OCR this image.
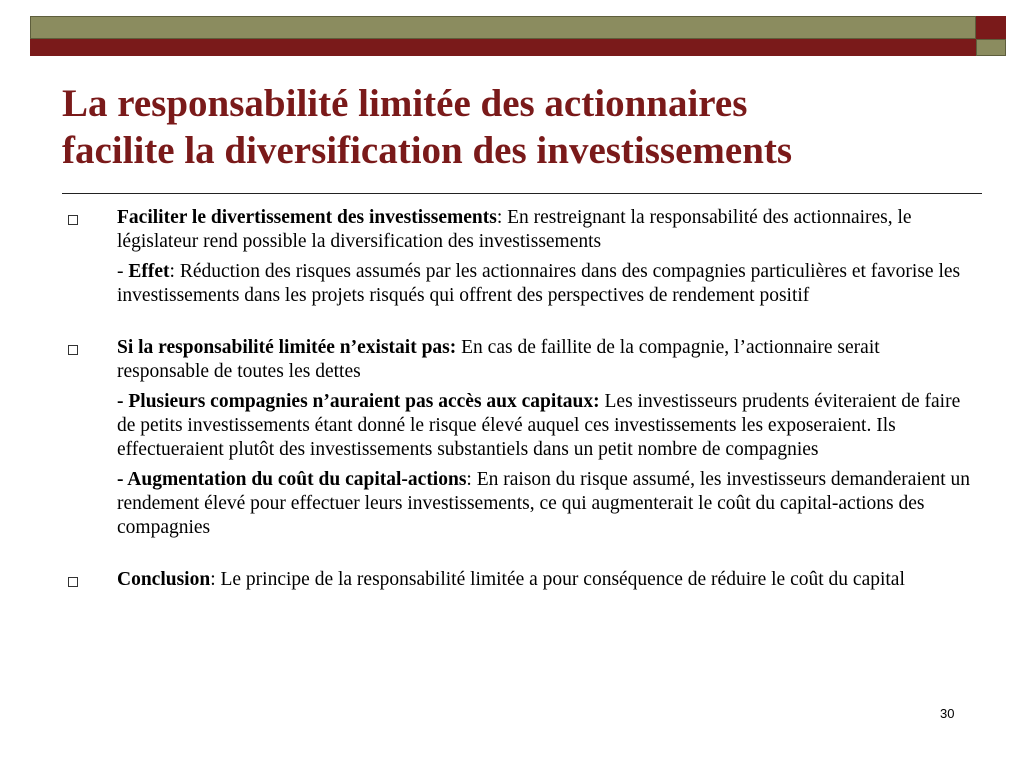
La responsabilité limitée des actionnaires
facilite la diversification des investissements

Faciliter le divertissement des investissements: En restreignant la responsabilité des actionnaires, le législateur rend possible la diversification des investissements

- Effet: Réduction des risques assumés par les actionnaires dans des compagnies particulières et favorise les investissements dans les projets risqués qui offrent des perspectives de rendement positif

Si la responsabilité limitée n’existait pas: En cas de faillite de la compagnie, l’actionnaire serait responsable de toutes les dettes

- Plusieurs compagnies n’auraient pas accès aux capitaux: Les investisseurs prudents éviteraient de faire de petits investissements étant donné le risque élevé auquel ces investissements les exposeraient. Ils effectueraient plutôt des investissements substantiels dans un petit nombre de compagnies

- Augmentation du coût du capital-actions: En raison du risque assumé, les investisseurs demanderaient un rendement élevé pour effectuer leurs investissements, ce qui augmenterait le coût du capital-actions des compagnies

Conclusion: Le principe de la responsabilité limitée a pour conséquence de réduire le coût du capital

30
